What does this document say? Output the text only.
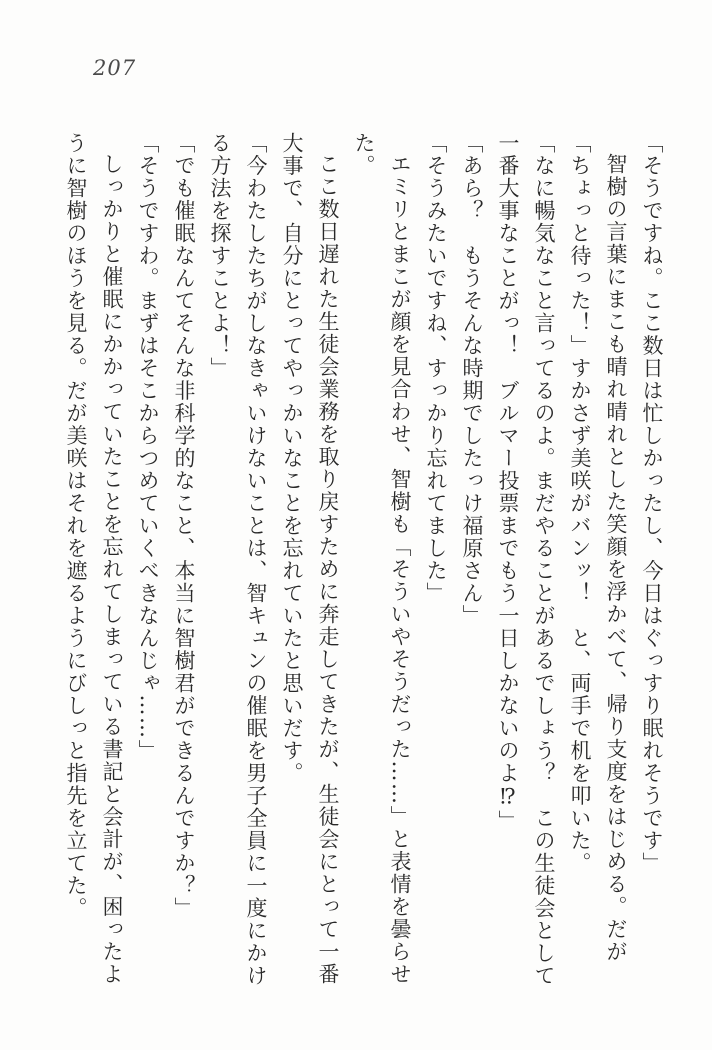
207

「そうですね。ここ数日は忙しかったし、今日はぐっすり眠れそうです」

智樹の言葉にまこも晴れ晴れとした笑顔を浮かべて、帰り支度をはじめる。だが

「ちょっと待った！」すかさず美咲がバンッ！　と、両手で机を叩いた。

「なに暢気なこと言ってるのよ。まだやることがあるでしょう？　この生徒会として一番大事なことがっ！　ブルマー投票までもう一日しかないのよ⁉」

「あら？　もうそんな時期でしたっけ福原さん」

「そうみたいですね、すっかり忘れてました」

エミリとまこが顔を見合わせ、智樹も「そういやそうだった……」と表情を曇らせた。

ここ数日遅れた生徒会業務を取り戻すために奔走してきたが、生徒会にとって一番大事で、自分にとってやっかいなことを忘れていたと思いだす。

「今わたしたちがしなきゃいけないことは、智キュンの催眠を男子全員に一度にかける方法を探すことよ！」

「でも催眠なんてそんな非科学的なこと、本当に智樹君ができるんですか？」

「そうですわ。まずはそこからつめていくべきなんじゃ……」

しっかりと催眠にかかっていたことを忘れてしまっている書記と会計が、困ったように智樹のほうを見る。だが美咲はそれを遮るようにびしっと指先を立てた。
